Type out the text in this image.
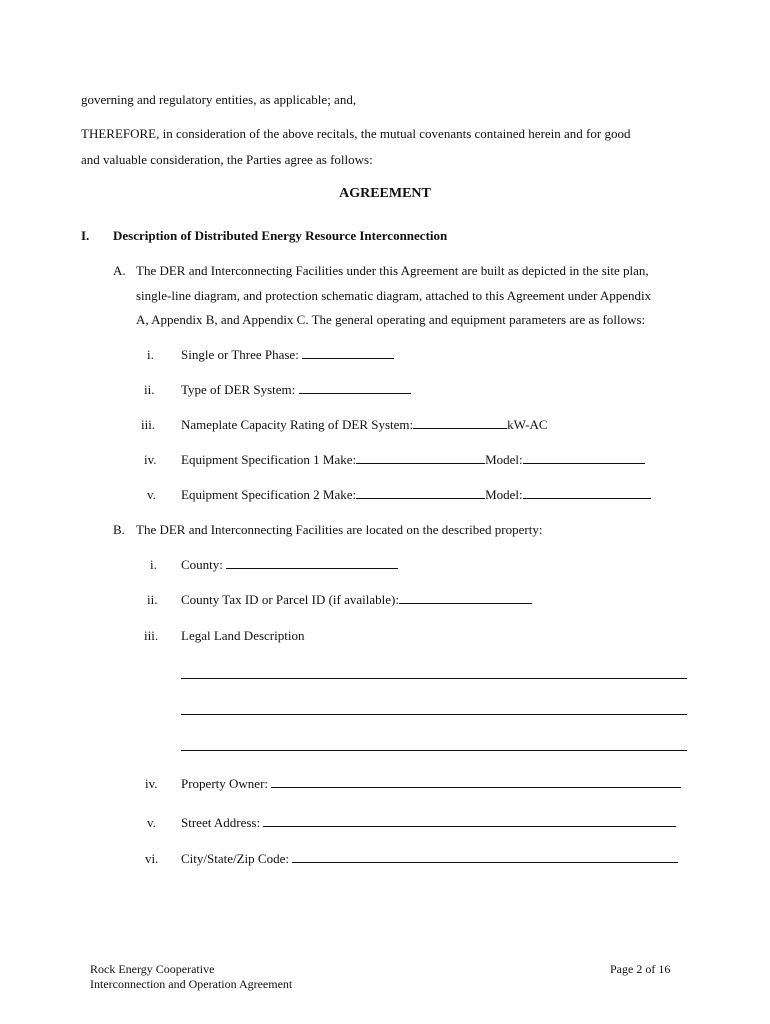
governing and regulatory entities, as applicable; and,
THEREFORE, in consideration of the above recitals, the mutual covenants contained herein and for good
and valuable consideration, the Parties agree as follows:
AGREEMENT
I. Description of Distributed Energy Resource Interconnection
A. The DER and Interconnecting Facilities under this Agreement are built as depicted in the site plan,
single-line diagram, and protection schematic diagram, attached to this Agreement under Appendix
A, Appendix B, and Appendix C. The general operating and equipment parameters are as follows:
i. Single or Three Phase:
ii. Type of DER System:
iii. Nameplate Capacity Rating of DER System:	kW-AC
iv. Equipment Specification 1 Make:	Model:
v. Equipment Specification 2 Make:	Model:
B. The DER and Interconnecting Facilities are located on the described property:
i. County:
ii. County Tax ID or Parcel ID (if available):
iii. Legal Land Description
iv. Property Owner:
v. Street Address:
vi. City/State/Zip Code:
Rock Energy Cooperative
Interconnection and Operation Agreement
Page 2 of 16
